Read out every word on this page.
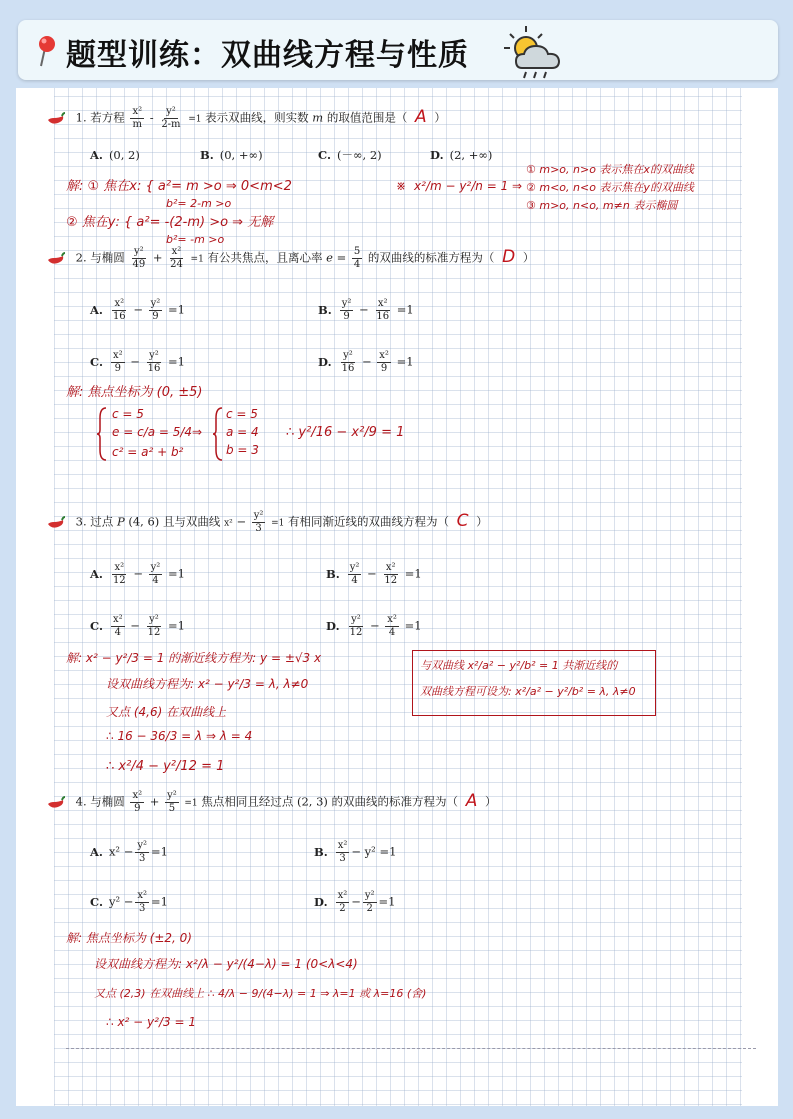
题型训练：双曲线方程与性质
1. 若方程 $\frac{\text{x²}}{m} - \frac{\text{y²}}{2-m} =1$ 表示双曲线，则实数 m 的取值范围是（ A ）
A. (0, 2)	B. (0, +∞)	C. (－∞, 2)	D. (2, +∞)
解: ① 焦在x: { a²= m >o ⇒ 0<m<2
b²= 2-m >o
② 焦在y: { a²= -(2-m) >o ⇒ 无解
b²= -m >o
※ x²/m − y²/n = 1 ⇒
① m>o, n>o 表示焦在x的双曲线
② m<o, n<o 表示焦在y的双曲线
③ m>o, n<o, m≠n 表示椭圆
2. 与椭圆 $\frac{\text{y²}}{49} + \frac{\text{x²}}{24} =1$ 有公共焦点，且离心率 $e = \frac{5}{4}$ 的双曲线的标准方程为（ D ）
A. $\frac{\text{x²}}{16} - \frac{\text{y²}}{9} =1$	B. $\frac{\text{y²}}{9} - \frac{\text{x²}}{16} =1$
C. $\frac{\text{x²}}{9} - \frac{\text{y²}}{16} =1$	D. $\frac{\text{y²}}{16} - \frac{\text{x²}}{9} =1$
解: 焦点坐标为 (0, ±5)
c = 5
e = c/a = 5/4
c² = a² + b²
⇒
c = 5
a = 4
b = 3
∴ y²/16 − x²/9 = 1
3. 过点 P (4, 6) 且与双曲线 $x^2 - \frac{\text{y²}}{3} =1$ 有相同渐近线的双曲线方程为（ C ）
A. $\frac{\text{x²}}{12} - \frac{\text{y²}}{4} =1$	B. $\frac{\text{y²}}{4} - \frac{\text{x²}}{12} =1$
C. $\frac{\text{x²}}{4} - \frac{\text{y²}}{12} =1$	D. $\frac{\text{y²}}{12} - \frac{\text{x²}}{4} =1$
解: x² − y²/3 = 1 的渐近线方程为: y = ±√3 x
设双曲线方程为: x² − y²/3 = λ, λ≠0
又点 (4,6) 在双曲线上
∴ 16 − 36/3 = λ ⇒ λ = 4
∴ x²/4 − y²/12 = 1
与双曲线 x²/a² − y²/b² = 1 共渐近线的
双曲线方程可设为: x²/a² − y²/b² = λ, λ≠0
4. 与椭圆 $\frac{\text{x²}}{9} + \frac{\text{y²}}{5} =1$ 焦点相同且经过点 (2, 3) 的双曲线的标准方程为（ A ）
A. $x^2 - \frac{\text{y²}}{3} =1$	B. $\frac{\text{x²}}{3} - y^2 =1$
C. $y^2 - \frac{\text{x²}}{3} =1$	D. $\frac{\text{x²}}{2} - \frac{\text{y²}}{2} =1$
解: 焦点坐标为 (±2, 0)
设双曲线方程为: x²/λ − y²/(4−λ) = 1 (0<λ<4)
又点 (2,3) 在双曲线上 ∴ 4/λ − 9/(4−λ) = 1 ⇒ λ=1 或 λ=16 (舍)
∴ x² − y²/3 = 1
